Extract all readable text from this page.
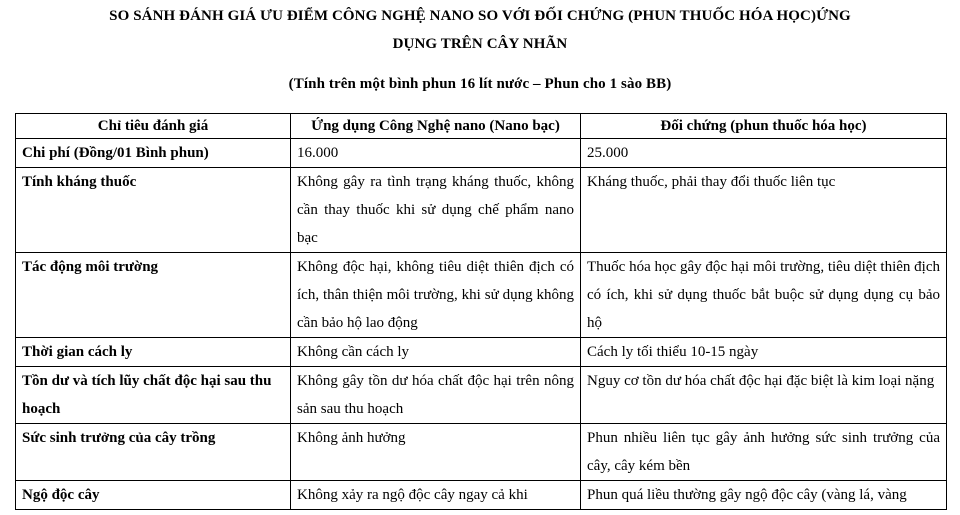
SO SÁNH ĐÁNH GIÁ ƯU ĐIỂM CÔNG NGHỆ NANO SO VỚI ĐỐI CHỨNG (PHUN THUỐC HÓA HỌC)ỨNG
DỤNG TRÊN CÂY NHÃN
(Tính trên một bình phun 16 lít nước – Phun cho 1 sào BB)
Chỉ tiêu đánh giá	Ứng dụng Công Nghệ nano (Nano bạc)	Đối chứng (phun thuốc hóa học)
Chi phí (Đồng/01 Bình phun)	16.000	25.000
Tính kháng thuốc	Không gây ra tình trạng kháng thuốc, không cần thay thuốc khi sử dụng chế phẩm nano bạc	Kháng thuốc, phải thay đổi thuốc liên tục
Tác động môi trường	Không độc hại, không tiêu diệt thiên địch có ích, thân thiện môi trường, khi sử dụng không cần bảo hộ lao động	Thuốc hóa học gây độc hại môi trường, tiêu diệt thiên địch có ích, khi sử dụng thuốc bắt buộc sử dụng dụng cụ bảo hộ
Thời gian cách ly	Không cần cách ly	Cách ly tối thiểu 10-15 ngày
Tồn dư và tích lũy chất độc hại sau thu hoạch	Không gây tồn dư hóa chất độc hại trên nông sản sau thu hoạch	Nguy cơ tồn dư hóa chất độc hại đặc biệt là kim loại nặng
Sức sinh trưởng của cây trồng	Không ảnh hưởng	Phun nhiều liên tục gây ảnh hưởng sức sinh trưởng của cây, cây kém bền
Ngộ độc cây	Không xảy ra ngộ độc cây ngay cả khi	Phun quá liều thường gây ngộ độc cây (vàng lá, vàng
